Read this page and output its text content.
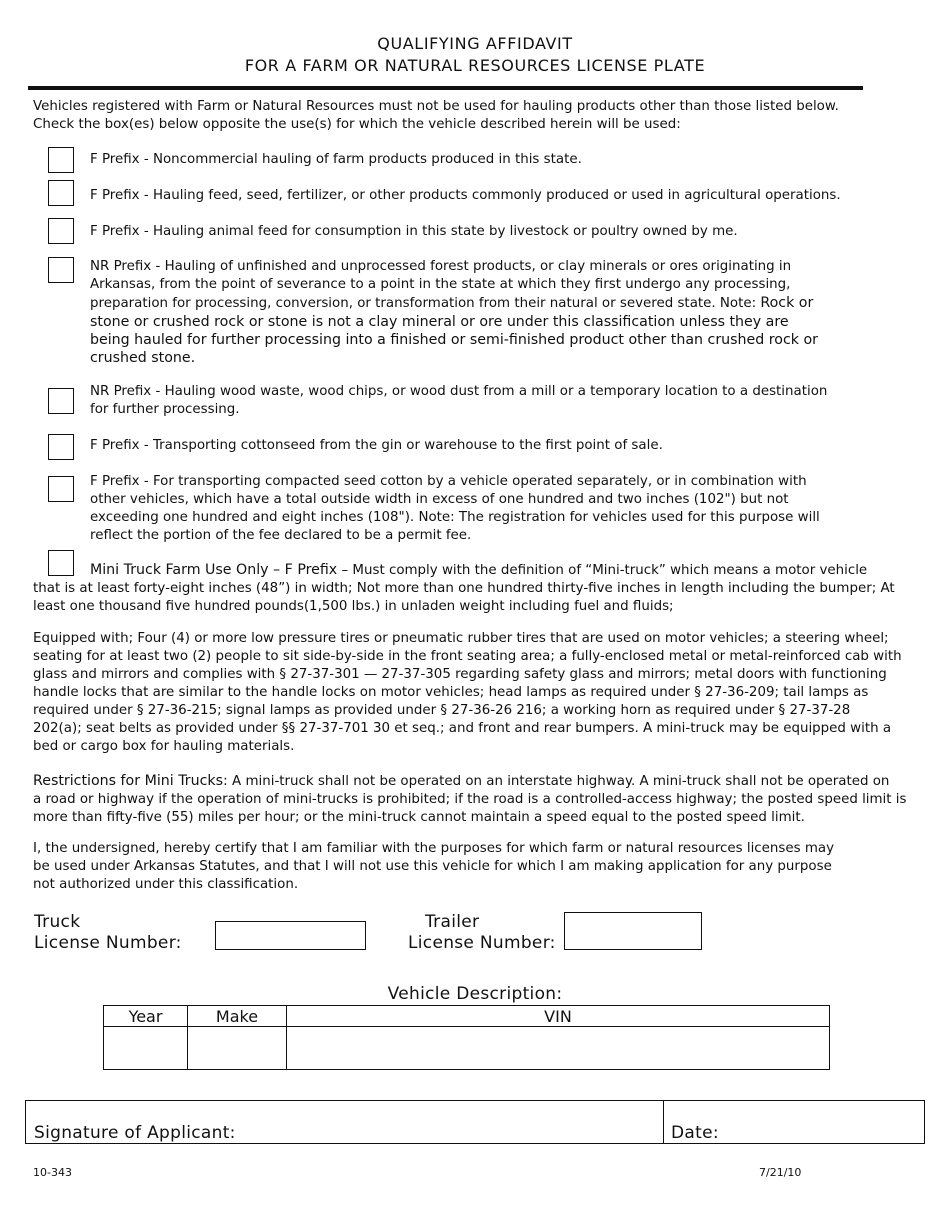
QUALIFYING AFFIDAVIT
FOR A FARM OR NATURAL RESOURCES LICENSE PLATE
Vehicles registered with Farm or Natural Resources must not be used for hauling products other than those listed below.
Check the box(es) below opposite the use(s) for which the vehicle described herein will be used:
F Prefix - Noncommercial hauling of farm products produced in this state.
F Prefix - Hauling feed, seed, fertilizer, or other products commonly produced or used in agricultural operations.
F Prefix - Hauling animal feed for consumption in this state by livestock or poultry owned by me.
NR Prefix - Hauling of unfinished and unprocessed forest products, or clay minerals or ores originating in
Arkansas, from the point of severance to a point in the state at which they first undergo any processing,
preparation for processing, conversion, or transformation from their natural or severed state. Note: Rock or
stone or crushed rock or stone is not a clay mineral or ore under this classification unless they are
being hauled for further processing into a finished or semi-finished product other than crushed rock or
crushed stone.
NR Prefix - Hauling wood waste, wood chips, or wood dust from a mill or a temporary location to a destination
for further processing.
F Prefix - Transporting cottonseed from the gin or warehouse to the first point of sale.
F Prefix - For transporting compacted seed cotton by a vehicle operated separately, or in combination with
other vehicles, which have a total outside width in excess of one hundred and two inches (102") but not
exceeding one hundred and eight inches (108"). Note: The registration for vehicles used for this purpose will
reflect the portion of the fee declared to be a permit fee.
Mini Truck Farm Use Only – F Prefix – Must comply with the definition of “Mini-truck” which means a motor vehicle
that is at least forty-eight inches (48”) in width; Not more than one hundred thirty-five inches in length including the bumper; At
least one thousand five hundred pounds(1,500 lbs.) in unladen weight including fuel and fluids;
Equipped with; Four (4) or more low pressure tires or pneumatic rubber tires that are used on motor vehicles; a steering wheel;
seating for at least two (2) people to sit side-by-side in the front seating area; a fully-enclosed metal or metal-reinforced cab with
glass and mirrors and complies with § 27-37-301 — 27-37-305 regarding safety glass and mirrors; metal doors with functioning
handle locks that are similar to the handle locks on motor vehicles; head lamps as required under § 27-36-209; tail lamps as
required under § 27-36-215; signal lamps as provided under § 27-36-26 216; a working horn as required under § 27-37-28
202(a); seat belts as provided under §§ 27-37-701 30 et seq.; and front and rear bumpers. A mini-truck may be equipped with a
bed or cargo box for hauling materials.
Restrictions for Mini Trucks: A mini-truck shall not be operated on an interstate highway. A mini-truck shall not be operated on
a road or highway if the operation of mini-trucks is prohibited; if the road is a controlled-access highway; the posted speed limit is
more than fifty-five (55) miles per hour; or the mini-truck cannot maintain a speed equal to the posted speed limit.
I, the undersigned, hereby certify that I am familiar with the purposes for which farm or natural resources licenses may
be used under Arkansas Statutes, and that I will not use this vehicle for which I am making application for any purpose
not authorized under this classification.
Truck
License Number:
Trailer
License Number:
Vehicle Description:
Year	Make	VIN

Signature of Applicant:	Date:
10-343	7/21/10
